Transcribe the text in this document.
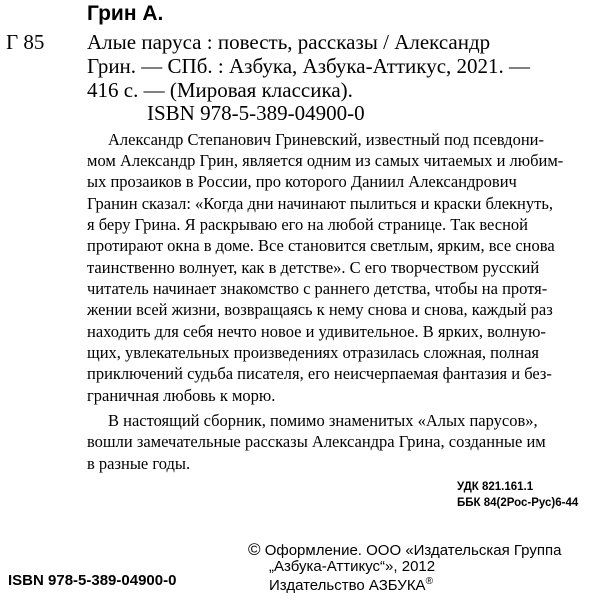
Грин А.
Г 85 Алые паруса : повесть, рассказы / Александр
Грин. — СПб. : Азбука, Азбука-Аттикус, 2021. —
416 с. — (Мировая классика).
ISBN 978-5-389-04900-0
Александр Степанович Гриневский, известный под псевдони-
мом Александр Грин, является одним из самых читаемых и любим-
ых прозаиков в России, про которого Даниил Александрович
Гранин сказал: «Когда дни начинают пылиться и краски блекнуть,
я беру Грина. Я раскрываю его на любой странице. Так весной
протирают окна в доме. Все становится светлым, ярким, все снова
таинственно волнует, как в детстве». С его творчеством русский
читатель начинает знакомство с раннего детства, чтобы на протя-
жении всей жизни, возвращаясь к нему снова и снова, каждый раз
находить для себя нечто новое и удивительное. В ярких, волную-
щих, увлекательных произведениях отразилась сложная, полная
приключений судьба писателя, его неисчерпаемая фантазия и без-
граничная любовь к морю.
В настоящий сборник, помимо знаменитых «Алых парусов»,
вошли замечательные рассказы Александра Грина, созданные им
в разные годы.
УДК 821.161.1
ББК 84(2Рос-Рус)6-44
© Оформление. ООО «Издательская Группа
„Азбука-Аттикус“», 2012
Издательство АЗБУКА®
ISBN 978-5-389-04900-0
